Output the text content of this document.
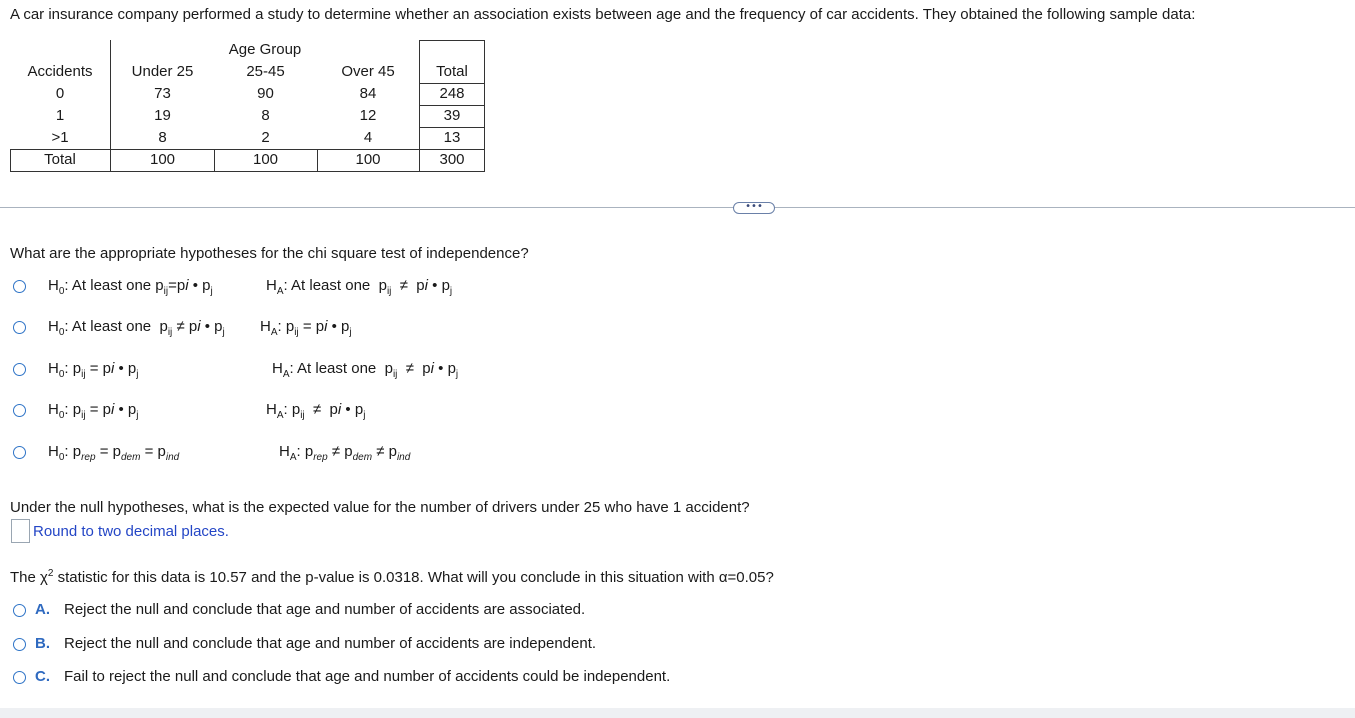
A car insurance company performed a study to determine whether an association exists between age and the frequency of car accidents. They obtained the following sample data:
Age Group
Accidents	Under 25	25-45	Over 45	Total
0	73	90	84	248
1	19	8	12	39
>1	8	2	4	13
Total	100	100	100	300
•••
What are the appropriate hypotheses for the chi square test of independence?
$H_0$: At least one $p_{ij}=pi$ • $p_j$	$H_A$: At least one  $p_{ij}$  ≠  pi • $p_j$
$H_0$: At least one  $p_{ij}$ ≠ pi • $p_j$ $H_A$: $p_{ij}$ = pi • $p_j$
$H_0$: $p_{ij}$ = pi • $p_j$	$H_A$: At least one  $p_{ij}$  ≠  pi • $p_j$
$H_0$: $p_{ij}$ = pi • $p_j$	$H_A$: $p_{ij}$  ≠  pi • $p_j$
$H_0$: $p_{rep} = p_{dem} = p_{ind}$	$H_A$: $p_{rep} \ne p_{dem} \ne p_{ind}$
Under the null hypotheses, what is the expected value for the number of drivers under 25 who have 1 accident?
Round to two decimal places.
The $\chi^2$ statistic for this data is 10.57 and the p-value is 0.0318. What will you conclude in this situation with α=0.05?
A. Reject the null and conclude that age and number of accidents are associated.
B. Reject the null and conclude that age and number of accidents are independent.
C. Fail to reject the null and conclude that age and number of accidents could be independent.
